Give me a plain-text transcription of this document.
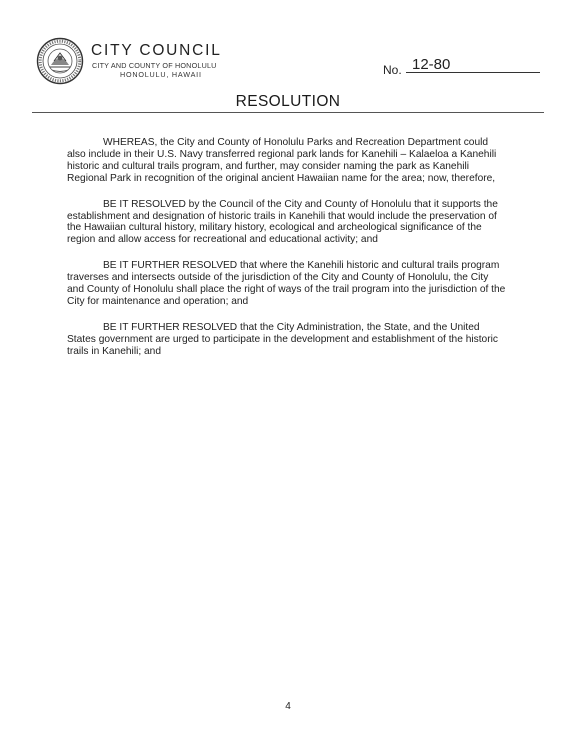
CITY COUNCIL
CITY AND COUNTY OF HONOLULU
HONOLULU, HAWAII	No. 12-80
RESOLUTION

WHEREAS, the City and County of Honolulu Parks and Recreation Department could also include in their U.S. Navy transferred regional park lands for Kanehili – Kalaeloa a Kanehili historic and cultural trails program, and further, may consider naming the park as Kanehili Regional Park in recognition of the original ancient Hawaiian name for the area; now, therefore,

BE IT RESOLVED by the Council of the City and County of Honolulu that it supports the establishment and designation of historic trails in Kanehili that would include the preservation of the Hawaiian cultural history, military history, ecological and archeological significance of the region and allow access for recreational and educational activity; and

BE IT FURTHER RESOLVED that where the Kanehili historic and cultural trails program traverses and intersects outside of the jurisdiction of the City and County of Honolulu, the City and County of Honolulu shall place the right of ways of the trail program into the jurisdiction of the City for maintenance and operation; and

BE IT FURTHER RESOLVED that the City Administration, the State, and the United States government are urged to participate in the development and establishment of the historic trails in Kanehili; and

4
